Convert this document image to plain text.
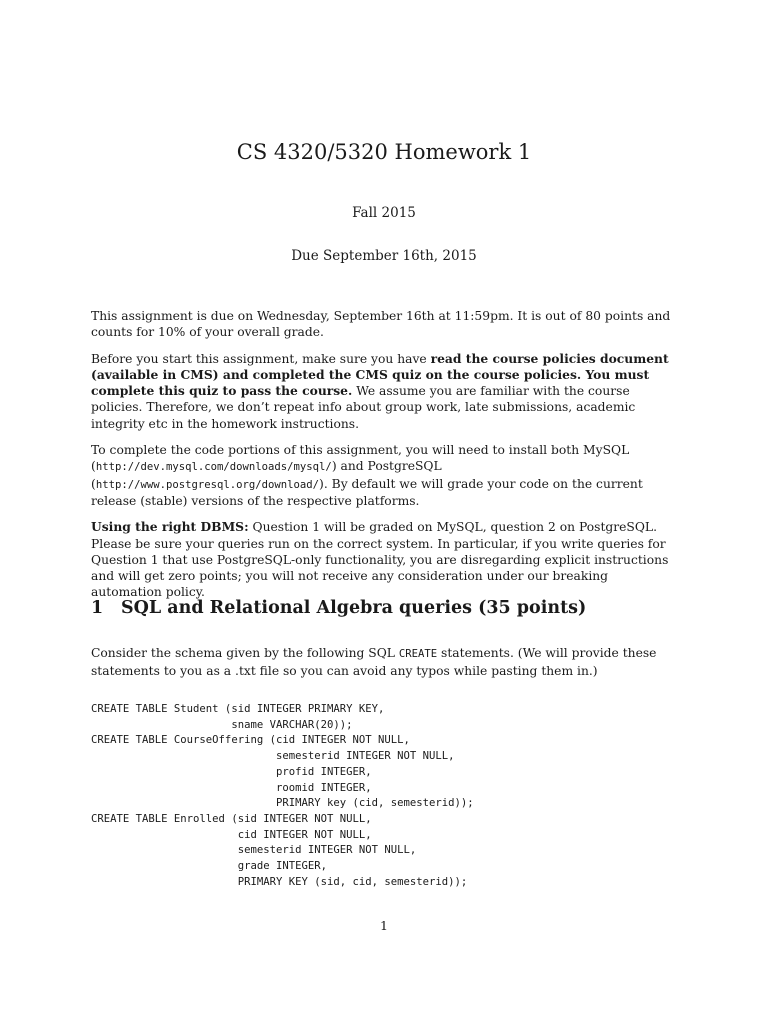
CS 4320/5320 Homework 1
Fall 2015
Due September 16th, 2015

This assignment is due on Wednesday, September 16th at 11:59pm. It is out of 80 points and counts for 10% of your overall grade.

Before you start this assignment, make sure you have read the course policies document (available in CMS) and completed the CMS quiz on the course policies. You must complete this quiz to pass the course. We assume you are familiar with the course policies. Therefore, we don’t repeat info about group work, late submissions, academic integrity etc in the homework instructions.

To complete the code portions of this assignment, you will need to install both MySQL (http://dev.mysql.com/downloads/mysql/) and PostgreSQL (http://www.postgresql.org/download/). By default we will grade your code on the current release (stable) versions of the respective platforms.

Using the right DBMS: Question 1 will be graded on MySQL, question 2 on PostgreSQL. Please be sure your queries run on the correct system. In particular, if you write queries for Question 1 that use PostgreSQL-only functionality, you are disregarding explicit instructions and will get zero points; you will not receive any consideration under our breaking automation policy.

1 SQL and Relational Algebra queries (35 points)
Consider the schema given by the following SQL CREATE statements. (We will provide these statements to you as a .txt file so you can avoid any typos while pasting them in.)
CREATE TABLE Student (sid INTEGER PRIMARY KEY,
sname VARCHAR(20));
CREATE TABLE CourseOffering (cid INTEGER NOT NULL,
semesterid INTEGER NOT NULL,
profid INTEGER,
roomid INTEGER,
PRIMARY key (cid, semesterid));
CREATE TABLE Enrolled (sid INTEGER NOT NULL,
cid INTEGER NOT NULL,
semesterid INTEGER NOT NULL,
grade INTEGER,
PRIMARY KEY (sid, cid, semesterid));
1
